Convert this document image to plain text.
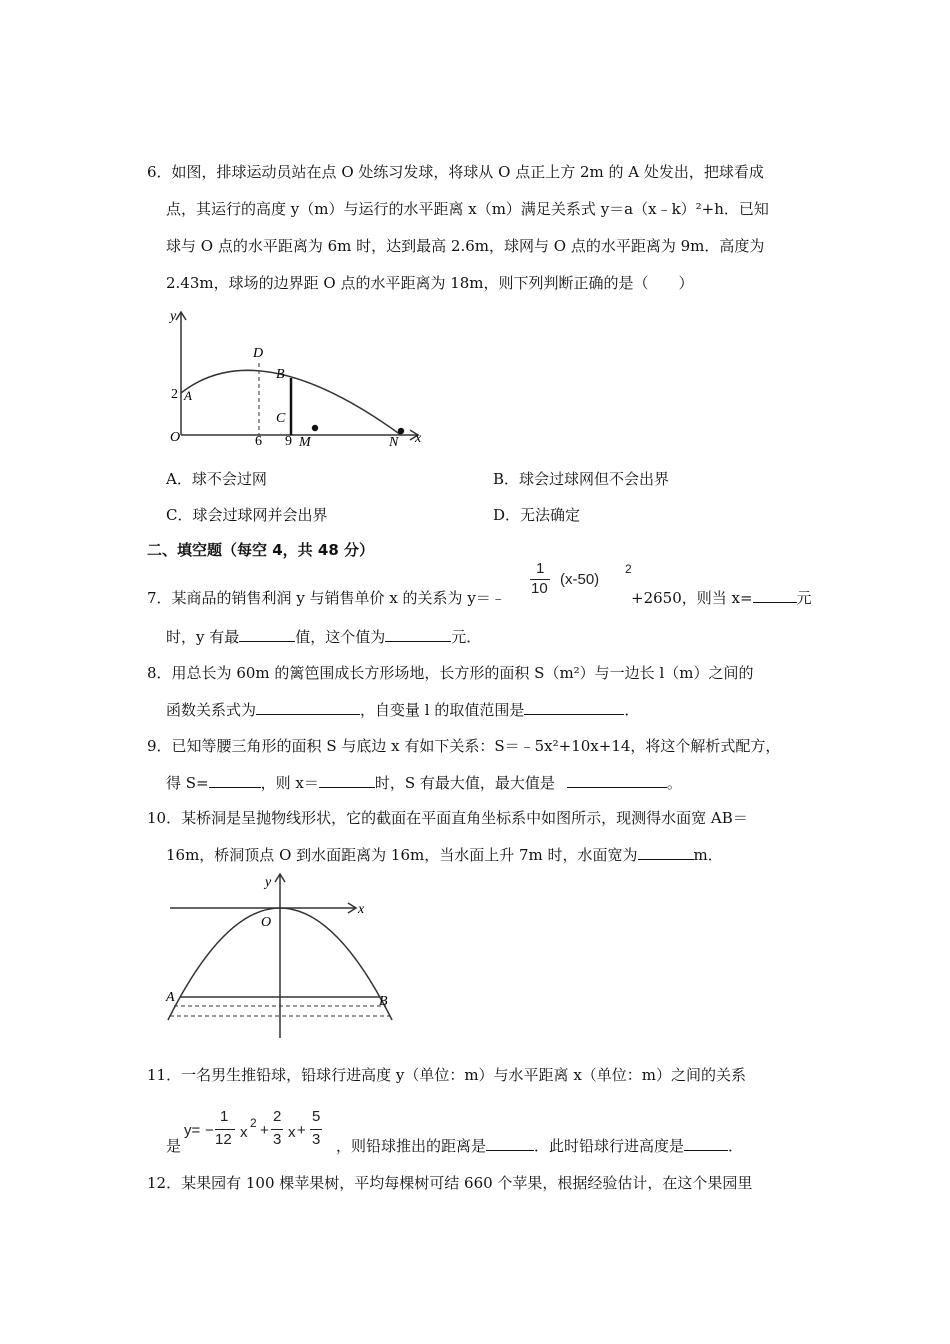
6．如图，排球运动员站在点 O 处练习发球，将球从 O 点正上方 2m 的 A 处发出，把球看成
点，其运行的高度 y（m）与运行的水平距离 x（m）满足关系式 y＝a（x﹣k）²+h．已知
球与 O 点的水平距离为 6m 时，达到最高 2.6m，球网与 O 点的水平距离为 9m．高度为
2.43m，球场的边界距 O 点的水平距离为 18m，则下列判断正确的是（　　）
y
x
O
2 A
D
B
C
6 9 M	N
A．球不会过网	B．球会过球网但不会出界
C．球会过球网并会出界	D．无法确定
二、填空题（每空 4，共 48 分）
7．某商品的销售利润 y 与销售单价 x 的关系为 y＝﹣
1
10
(x-50)
2
+2650，则当 x=	元
时，y 有最	值，这个值为	元．
8．用总长为 60m 的篱笆围成长方形场地，长方形的面积 S（m²）与一边长 l（m）之间的
函数关系式为	，自变量 l 的取值范围是	．
9．已知等腰三角形的面积 S 与底边 x 有如下关系：S＝﹣5x²+10x+14，将这个解析式配方，
得 S=	，则 x＝	时，S 有最大值，最大值是	。
10．某桥洞是呈抛物线形状，它的截面在平面直角坐标系中如图所示，现测得水面宽 AB＝
16m，桥洞顶点 O 到水面距离为 16m，当水面上升 7m 时，水面宽为	m．
y
x
O
A	B
11．一名男生推铅球，铅球行进高度 y（单位：m）与水平距离 x（单位：m）之间的关系
是
y= −
1
12 x
2 +
2
3 x +
5
3 ，则铅球推出的距离是	．此时铅球行进高度是	．
12．某果园有 100 棵苹果树，平均每棵树可结 660 个苹果，根据经验估计，在这个果园里
